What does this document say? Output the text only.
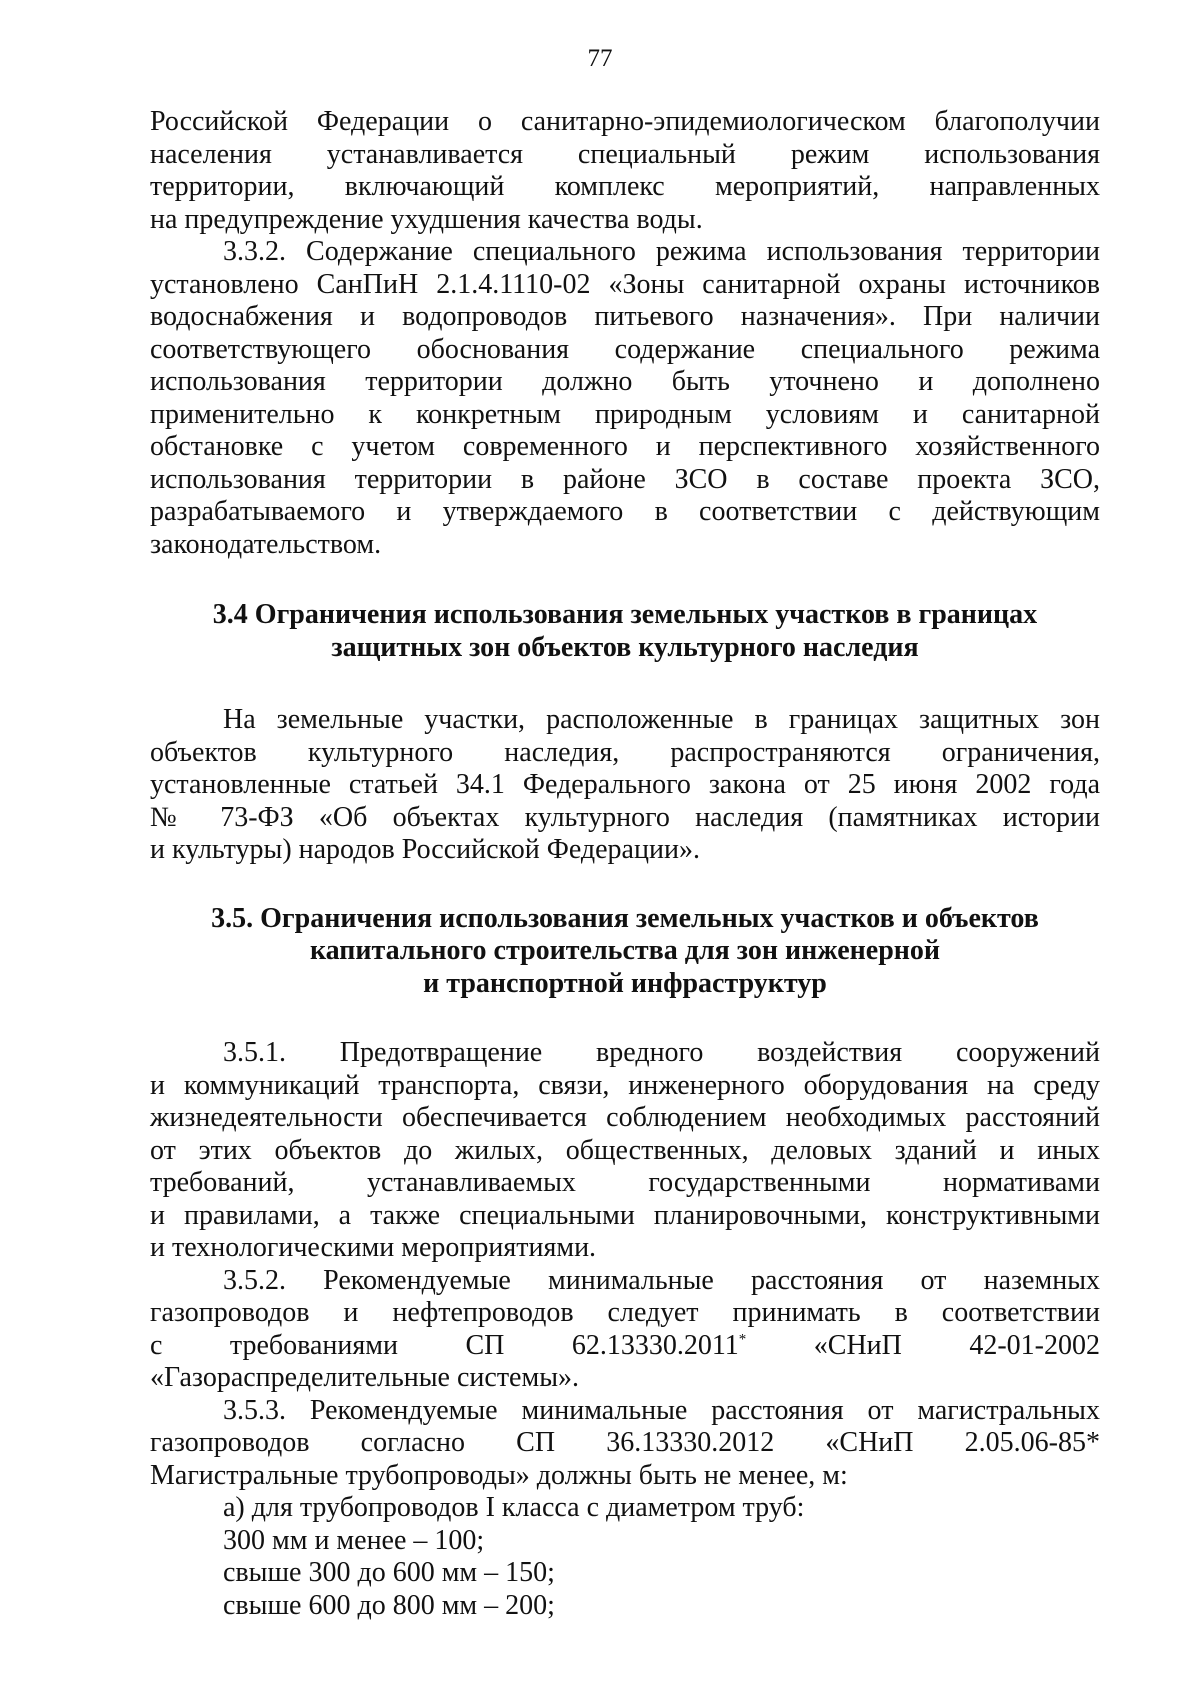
77

Российской Федерации о санитарно-эпидемиологическом благополучии

населения устанавливается специальный режим использования

территории, включающий комплекс мероприятий, направленных

на предупреждение ухудшения качества воды.

3.3.2. Содержание специального режима использования территории

установлено СанПиН 2.1.4.1110-02 «Зоны санитарной охраны источников

водоснабжения и водопроводов питьевого назначения». При наличии

соответствующего обоснования содержание специального режима

использования территории должно быть уточнено и дополнено

применительно к конкретным природным условиям и санитарной

обстановке с учетом современного и перспективного хозяйственного

использования территории в районе ЗСО в составе проекта ЗСО,

разрабатываемого и утверждаемого в соответствии с действующим

законодательством.

3.4 Ограничения использования земельных участков в границах
защитных зон объектов культурного наследия

На земельные участки, расположенные в границах защитных зон

объектов культурного наследия, распространяются ограничения,

установленные статьей 34.1 Федерального закона от 25 июня 2002 года

№ 73-ФЗ «Об объектах культурного наследия (памятниках истории

и культуры) народов Российской Федерации».

3.5. Ограничения использования земельных участков и объектов
капитального строительства для зон инженерной
и транспортной инфраструктур

3.5.1. Предотвращение вредного воздействия сооружений

и коммуникаций транспорта, связи, инженерного оборудования на среду

жизнедеятельности обеспечивается соблюдением необходимых расстояний

от этих объектов до жилых, общественных, деловых зданий и иных

требований, устанавливаемых государственными нормативами

и правилами, а также специальными планировочными, конструктивными

и технологическими мероприятиями.

3.5.2. Рекомендуемые минимальные расстояния от наземных

газопроводов и нефтепроводов следует принимать в соответствии

с требованиями СП 62.13330.2011* «СНиП 42-01-2002

«Газораспределительные системы».

3.5.3. Рекомендуемые минимальные расстояния от магистральных

газопроводов согласно СП 36.13330.2012 «СНиП 2.05.06-85*

Магистральные трубопроводы» должны быть не менее, м:

а) для трубопроводов I класса с диаметром труб:

300 мм и менее – 100;

свыше 300 до 600 мм – 150;

свыше 600 до 800 мм – 200;
